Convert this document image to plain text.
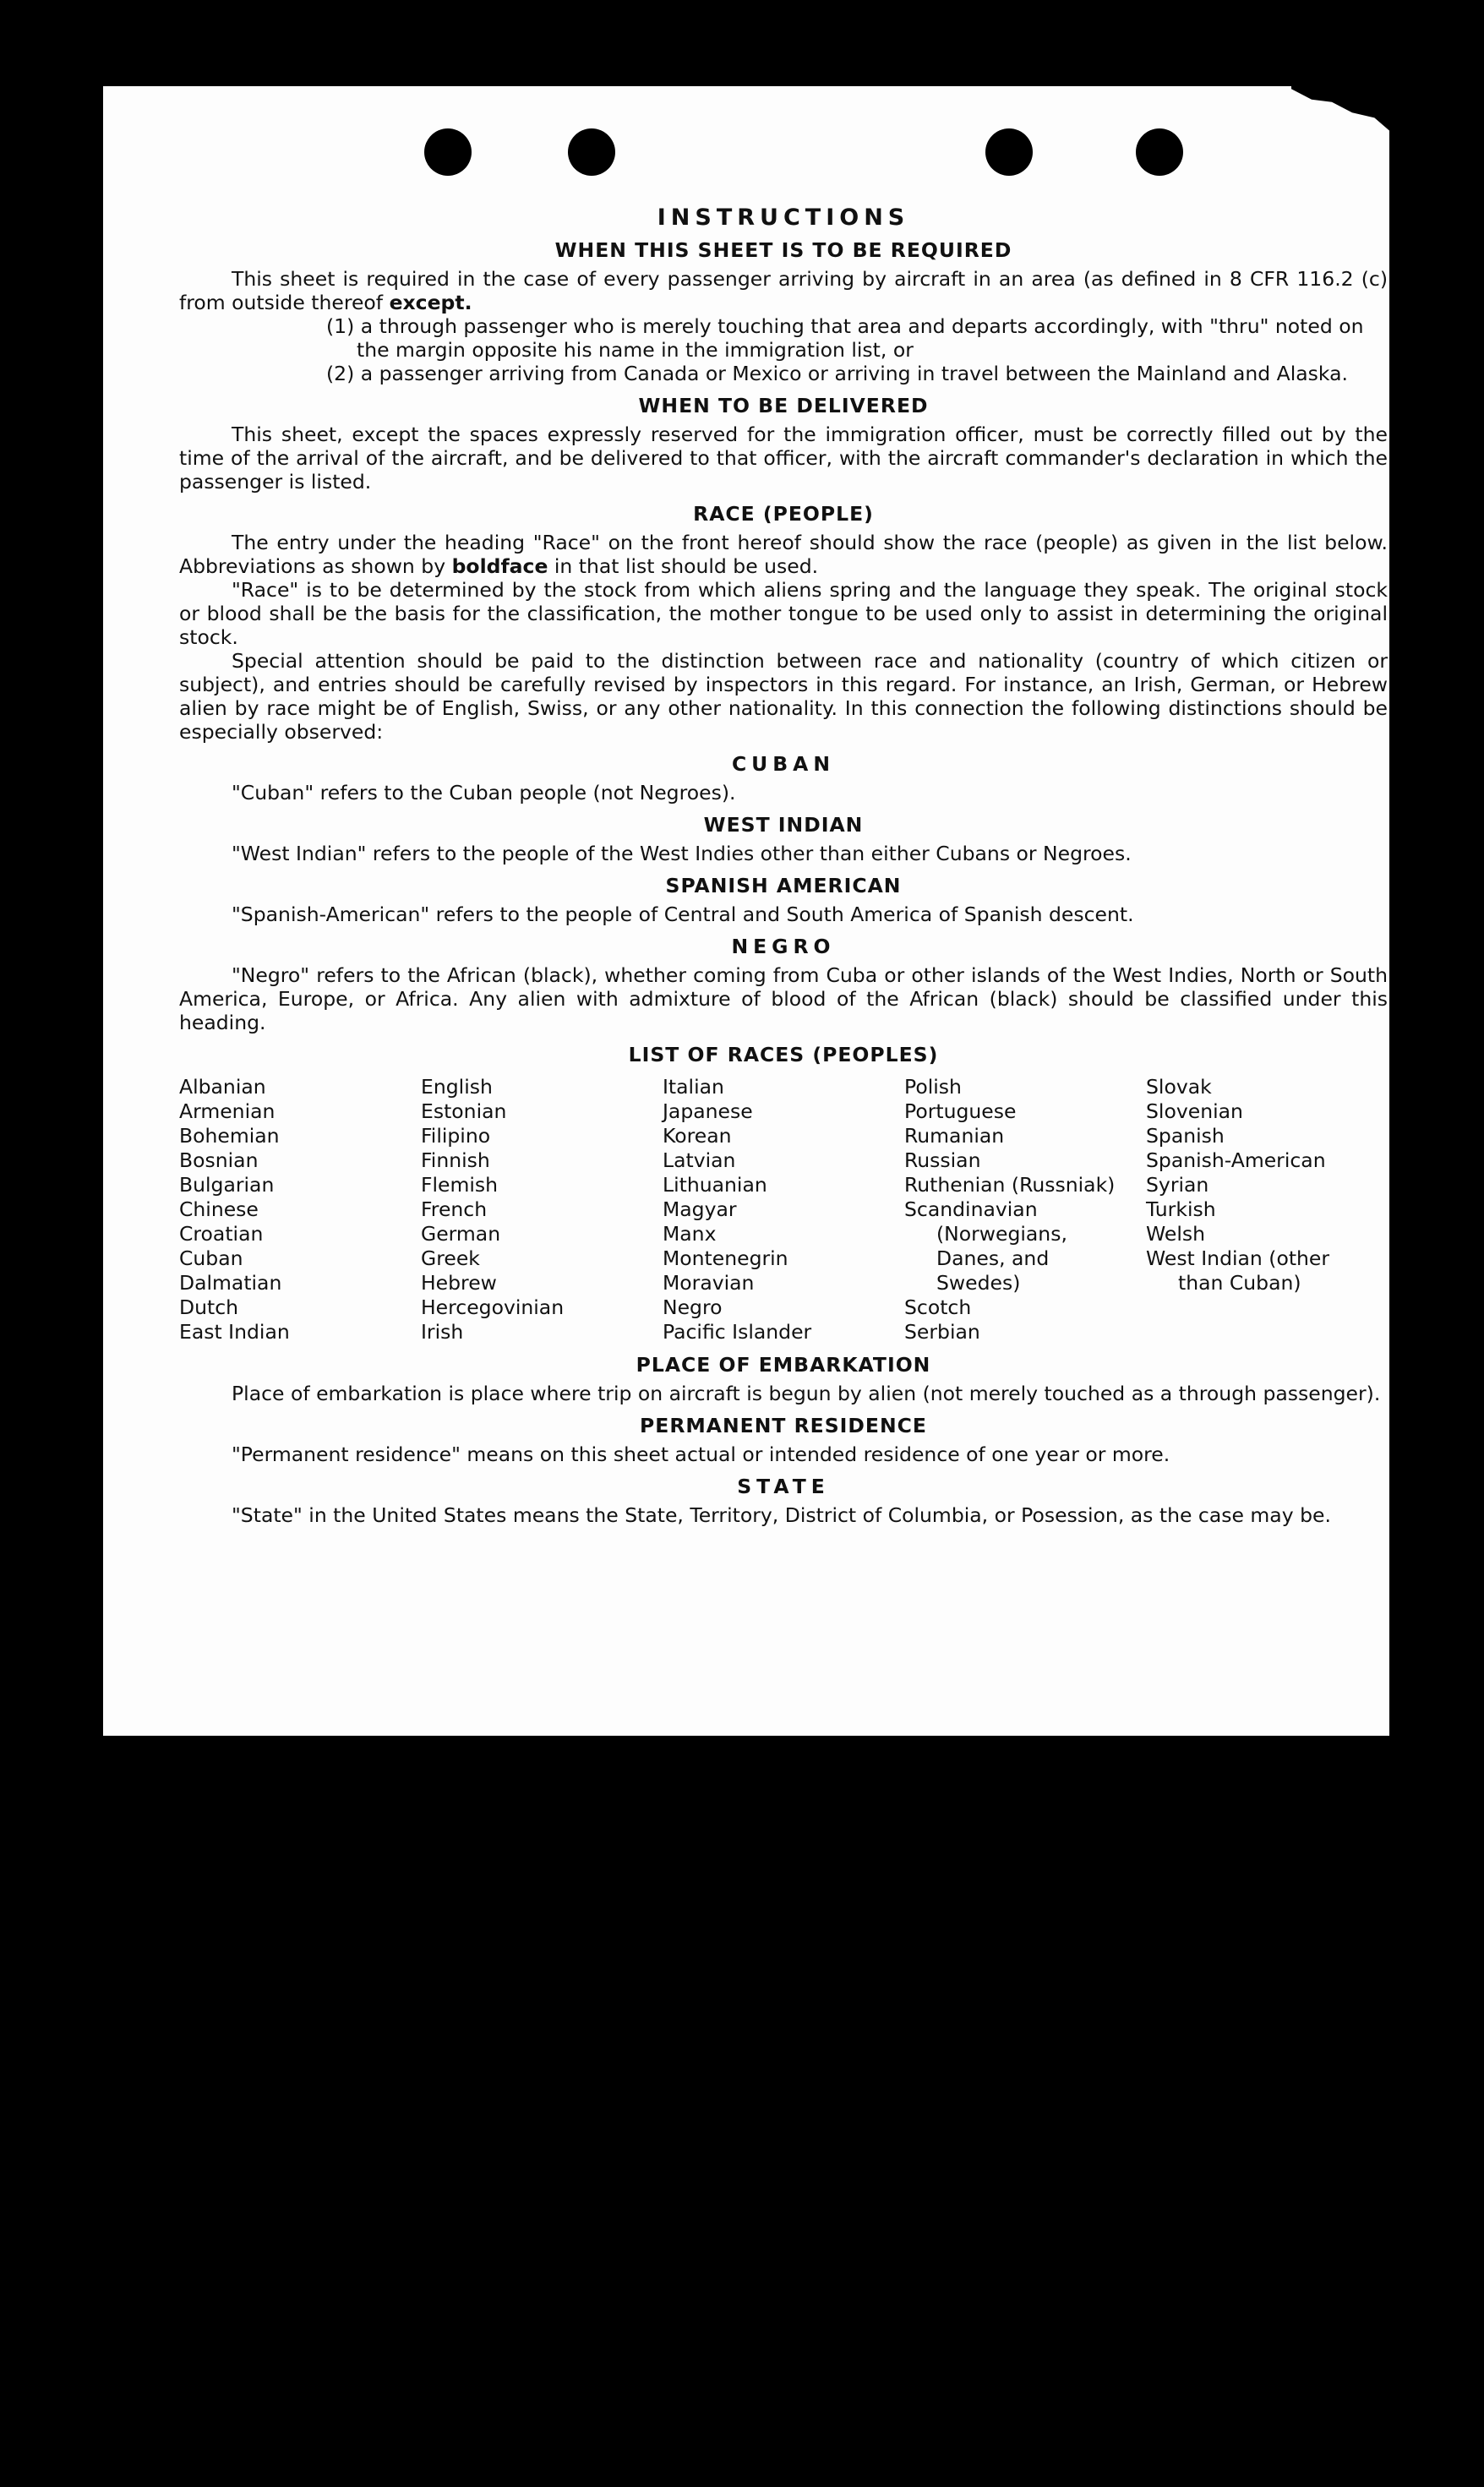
INSTRUCTIONS
WHEN THIS SHEET IS TO BE REQUIRED

This sheet is required in the case of every passenger arriving by aircraft in an area (as defined in 8 CFR 116.2 (c) from outside thereof except.

(1) a through passenger who is merely touching that area and departs accordingly, with "thru" noted on the margin opposite his name in the immigration list, or
(2) a passenger arriving from Canada or Mexico or arriving in travel between the Mainland and Alaska.
WHEN TO BE DELIVERED

This sheet, except the spaces expressly reserved for the immigration officer, must be correctly filled out by the time of the arrival of the aircraft, and be delivered to that officer, with the aircraft commander's declaration in which the passenger is listed.

RACE (PEOPLE)

The entry under the heading "Race" on the front hereof should show the race (people) as given in the list below. Abbreviations as shown by boldface in that list should be used.

"Race" is to be determined by the stock from which aliens spring and the language they speak. The original stock or blood shall be the basis for the classification, the mother tongue to be used only to assist in determining the original stock.

Special attention should be paid to the distinction between race and nationality (country of which citizen or subject), and entries should be carefully revised by inspectors in this regard. For instance, an Irish, German, or Hebrew alien by race might be of English, Swiss, or any other nationality. In this connection the following distinctions should be especially observed:

CUBAN

"Cuban" refers to the Cuban people (not Negroes).

WEST INDIAN

"West Indian" refers to the people of the West Indies other than either Cubans or Negroes.

SPANISH AMERICAN

"Spanish-American" refers to the people of Central and South America of Spanish descent.

NEGRO

"Negro" refers to the African (black), whether coming from Cuba or other islands of the West Indies, North or South America, Europe, or Africa. Any alien with admixture of blood of the African (black) should be classified under this heading.

LIST OF RACES (PEOPLES)
Albanian
Armenian
Bohemian
Bosnian
Bulgarian
Chinese
Croatian
Cuban
Dalmatian
Dutch
East Indian
English
Estonian
Filipino
Finnish
Flemish
French
German
Greek
Hebrew
Hercegovinian
Irish
Italian
Japanese
Korean
Latvian
Lithuanian
Magyar
Manx
Montenegrin
Moravian
Negro
Pacific Islander
Polish
Portuguese
Rumanian
Russian
Ruthenian (Russniak)
Scandinavian
(Norwegians,
Danes, and
Swedes)
Scotch
Serbian
Slovak
Slovenian
Spanish
Spanish-American
Syrian
Turkish
Welsh
West Indian (other
than Cuban)
PLACE OF EMBARKATION

Place of embarkation is place where trip on aircraft is begun by alien (not merely touched as a through passenger).

PERMANENT RESIDENCE

"Permanent residence" means on this sheet actual or intended residence of one year or more.

STATE

"State" in the United States means the State, Territory, District of Columbia, or Posession, as the case may be.
